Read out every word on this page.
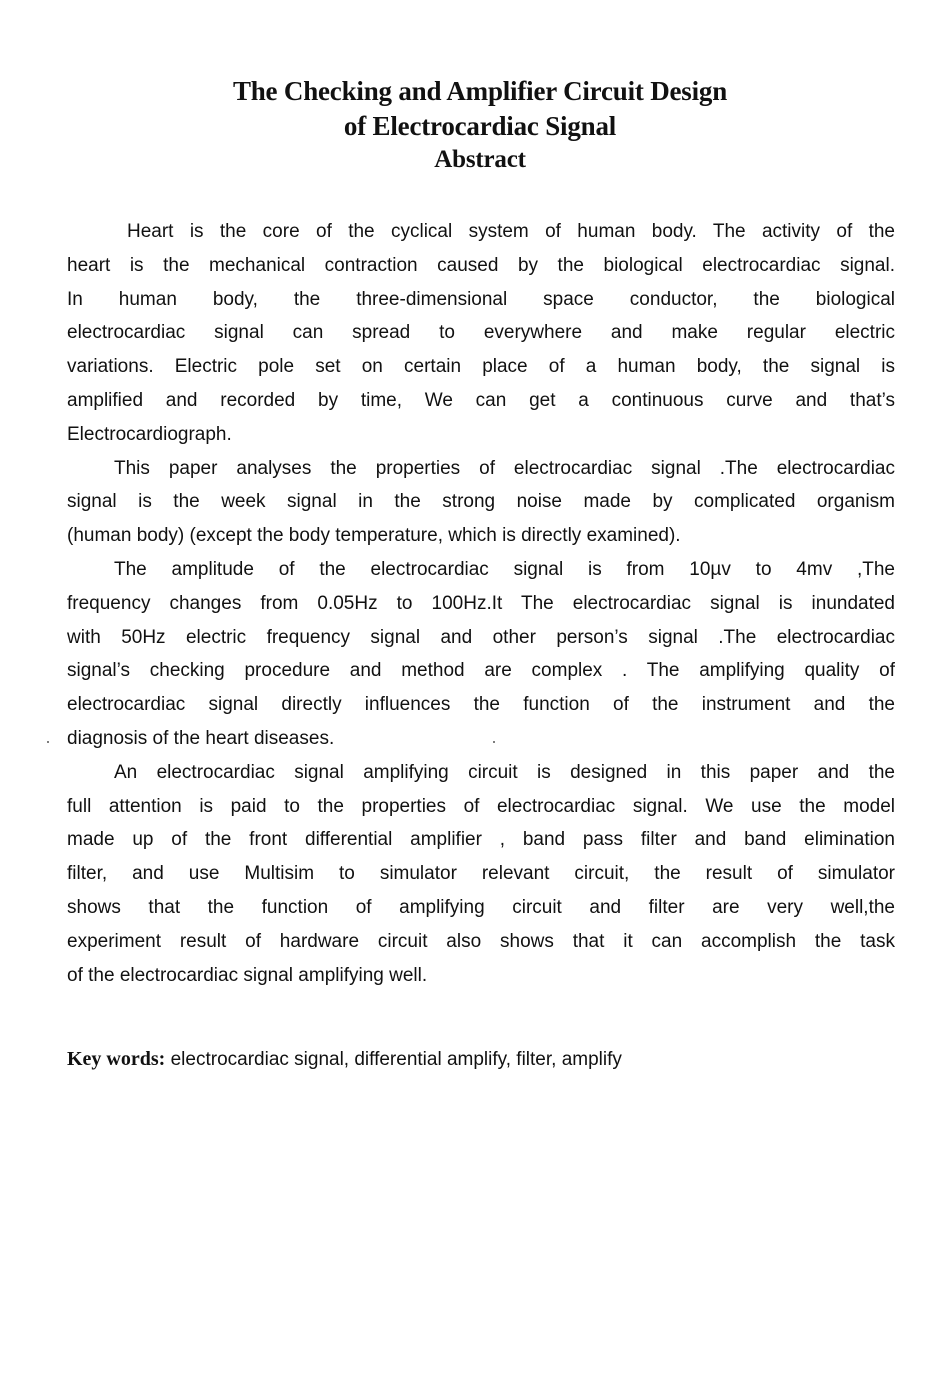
The Checking and Amplifier Circuit Design
of Electrocardiac Signal
Abstract
Heart is the core of the cyclical system of human body. The activity of the
heart is the mechanical contraction caused by the biological electrocardiac signal.
In human body, the three-dimensional space conductor, the biological
electrocardiac signal can spread to everywhere and make regular electric
variations. Electric pole set on certain place of a human body, the signal is
amplified and recorded by time, We can get a continuous curve and that’s
Electrocardiograph.
This paper analyses the properties of electrocardiac signal .The electrocardiac
signal is the week signal in the strong noise made by complicated organism
(human body) (except the body temperature, which is directly examined).
The amplitude of the electrocardiac signal is from 10µv to 4mv ,The
frequency changes from 0.05Hz to 100Hz.It The electrocardiac signal is inundated
with 50Hz electric frequency signal and other person’s signal .The electrocardiac
signal’s checking procedure and method are complex . The amplifying quality of
electrocardiac signal directly influences the function of the instrument and the
diagnosis of the heart diseases.
An electrocardiac signal amplifying circuit is designed in this paper and the
full attention is paid to the properties of electrocardiac signal. We use the model
made up of the front differential amplifier , band pass filter and band elimination
filter, and use Multisim to simulator relevant circuit, the result of simulator
shows that the function of amplifying circuit and filter are very well,the
experiment result of hardware circuit also shows that it can accomplish the task
of the electrocardiac signal amplifying well.
Key words: electrocardiac signal, differential amplify, filter, amplify
